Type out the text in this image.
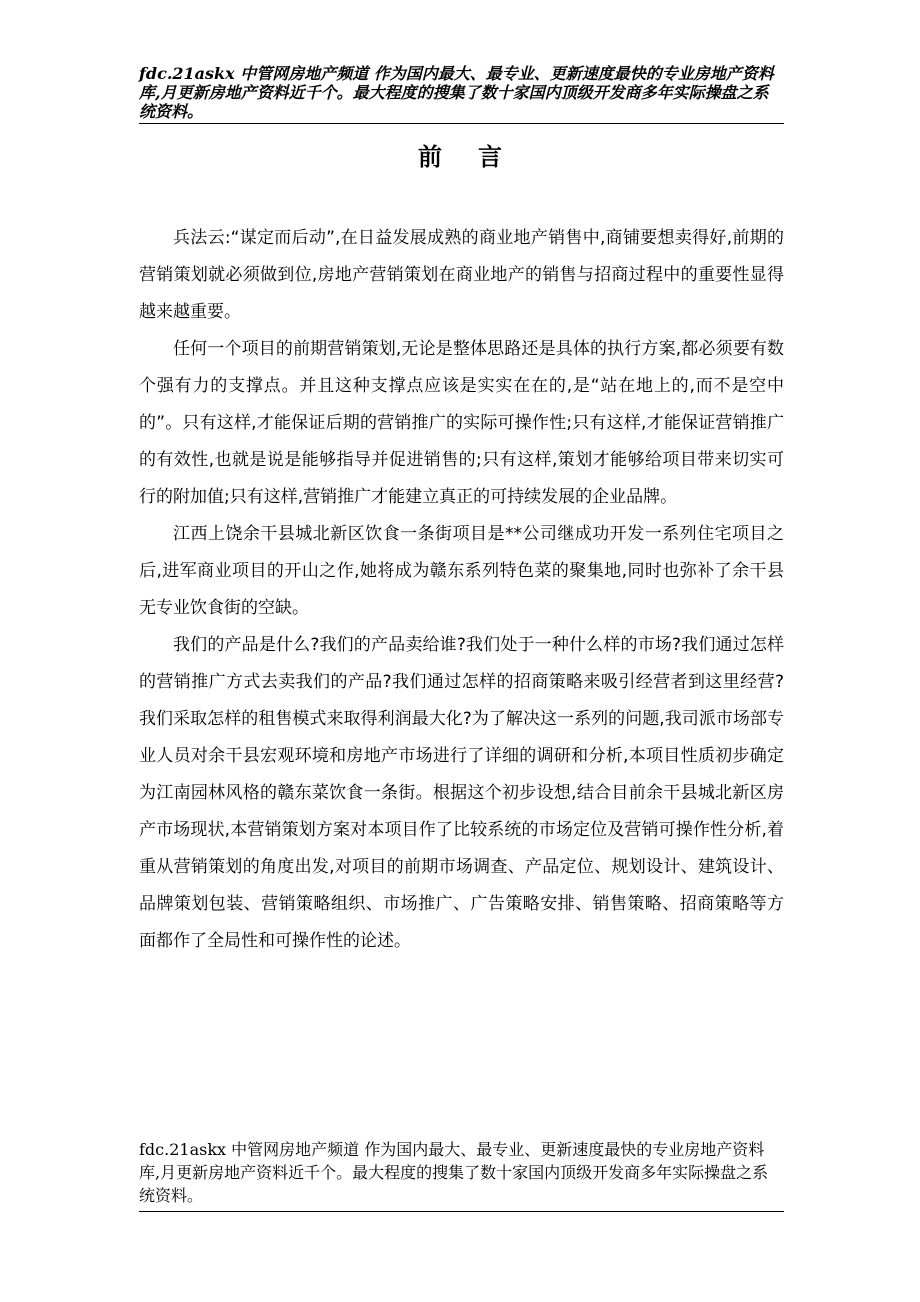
fdc.21askx 中管网房地产频道 作为国内最大、最专业、更新速度最快的专业房地产资料库,月更新房地产资料近千个。最大程度的搜集了数十家国内顶级开发商多年实际操盘之系统资料。
前言

兵法云:“谋定而后动”,在日益发展成熟的商业地产销售中,商铺要想卖得好,前期的营销策划就必须做到位,房地产营销策划在商业地产的销售与招商过程中的重要性显得越来越重要。

任何一个项目的前期营销策划,无论是整体思路还是具体的执行方案,都必须要有数个强有力的支撑点。并且这种支撑点应该是实实在在的,是“站在地上的,而不是空中的”。只有这样,才能保证后期的营销推广的实际可操作性;只有这样,才能保证营销推广的有效性,也就是说是能够指导并促进销售的;只有这样,策划才能够给项目带来切实可行的附加值;只有这样,营销推广才能建立真正的可持续发展的企业品牌。

江西上饶余干县城北新区饮食一条街项目是**公司继成功开发一系列住宅项目之后,进军商业项目的开山之作,她将成为赣东系列特色菜的聚集地,同时也弥补了余干县无专业饮食街的空缺。

我们的产品是什么?我们的产品卖给谁?我们处于一种什么样的市场?我们通过怎样的营销推广方式去卖我们的产品?我们通过怎样的招商策略来吸引经营者到这里经营?我们采取怎样的租售模式来取得利润最大化?为了解决这一系列的问题,我司派市场部专业人员对余干县宏观环境和房地产市场进行了详细的调研和分析,本项目性质初步确定为江南园林风格的赣东菜饮食一条街。根据这个初步设想,结合目前余干县城北新区房产市场现状,本营销策划方案对本项目作了比较系统的市场定位及营销可操作性分析,着重从营销策划的角度出发,对项目的前期市场调查、产品定位、规划设计、建筑设计、品牌策划包装、营销策略组织、市场推广、广告策略安排、销售策略、招商策略等方面都作了全局性和可操作性的论述。

fdc.21askx 中管网房地产频道 作为国内最大、最专业、更新速度最快的专业房地产资料库,月更新房地产资料近千个。最大程度的搜集了数十家国内顶级开发商多年实际操盘之系统资料。
